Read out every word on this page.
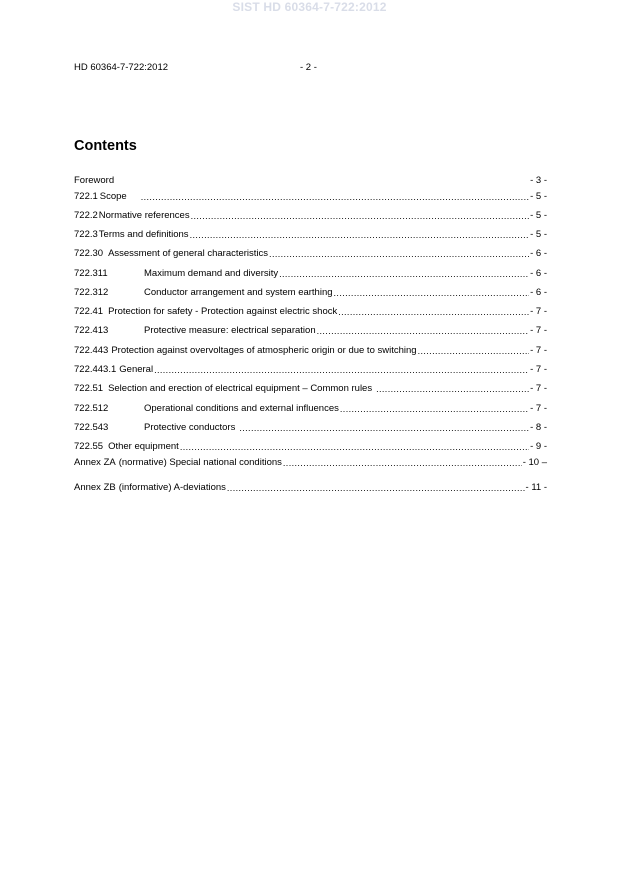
SIST HD 60364-7-722:2012
HD 60364-7-722:2012	- 2 -
Contents
Foreword	- 3 -
722.1 Scope .....	- 5 -
722.2 Normative references .....	- 5 -
722.3 Terms and definitions .....	- 5 -
722.30 Assessment of general characteristics .....	- 6 -
722.311	Maximum demand and diversity .....	- 6 -
722.312	Conductor arrangement and system earthing .....	- 6 -
722.41 Protection for safety - Protection against electric shock .....	- 7 -
722.413	Protective measure: electrical separation .....	- 7 -
722.443 Protection against overvoltages of atmospheric origin or due to switching .....	- 7 -
722.443.1 General .....	- 7 -
722.51 Selection and erection of electrical equipment – Common rules .....	- 7 -
722.512	Operational conditions and external influences .....	- 7 -
722.543	Protective conductors .....	- 8 -
722.55 Other equipment .....	- 9 -
Annex ZA (normative) Special national conditions .....	- 10 –
Annex ZB (informative) A-deviations .....	- 11 -
